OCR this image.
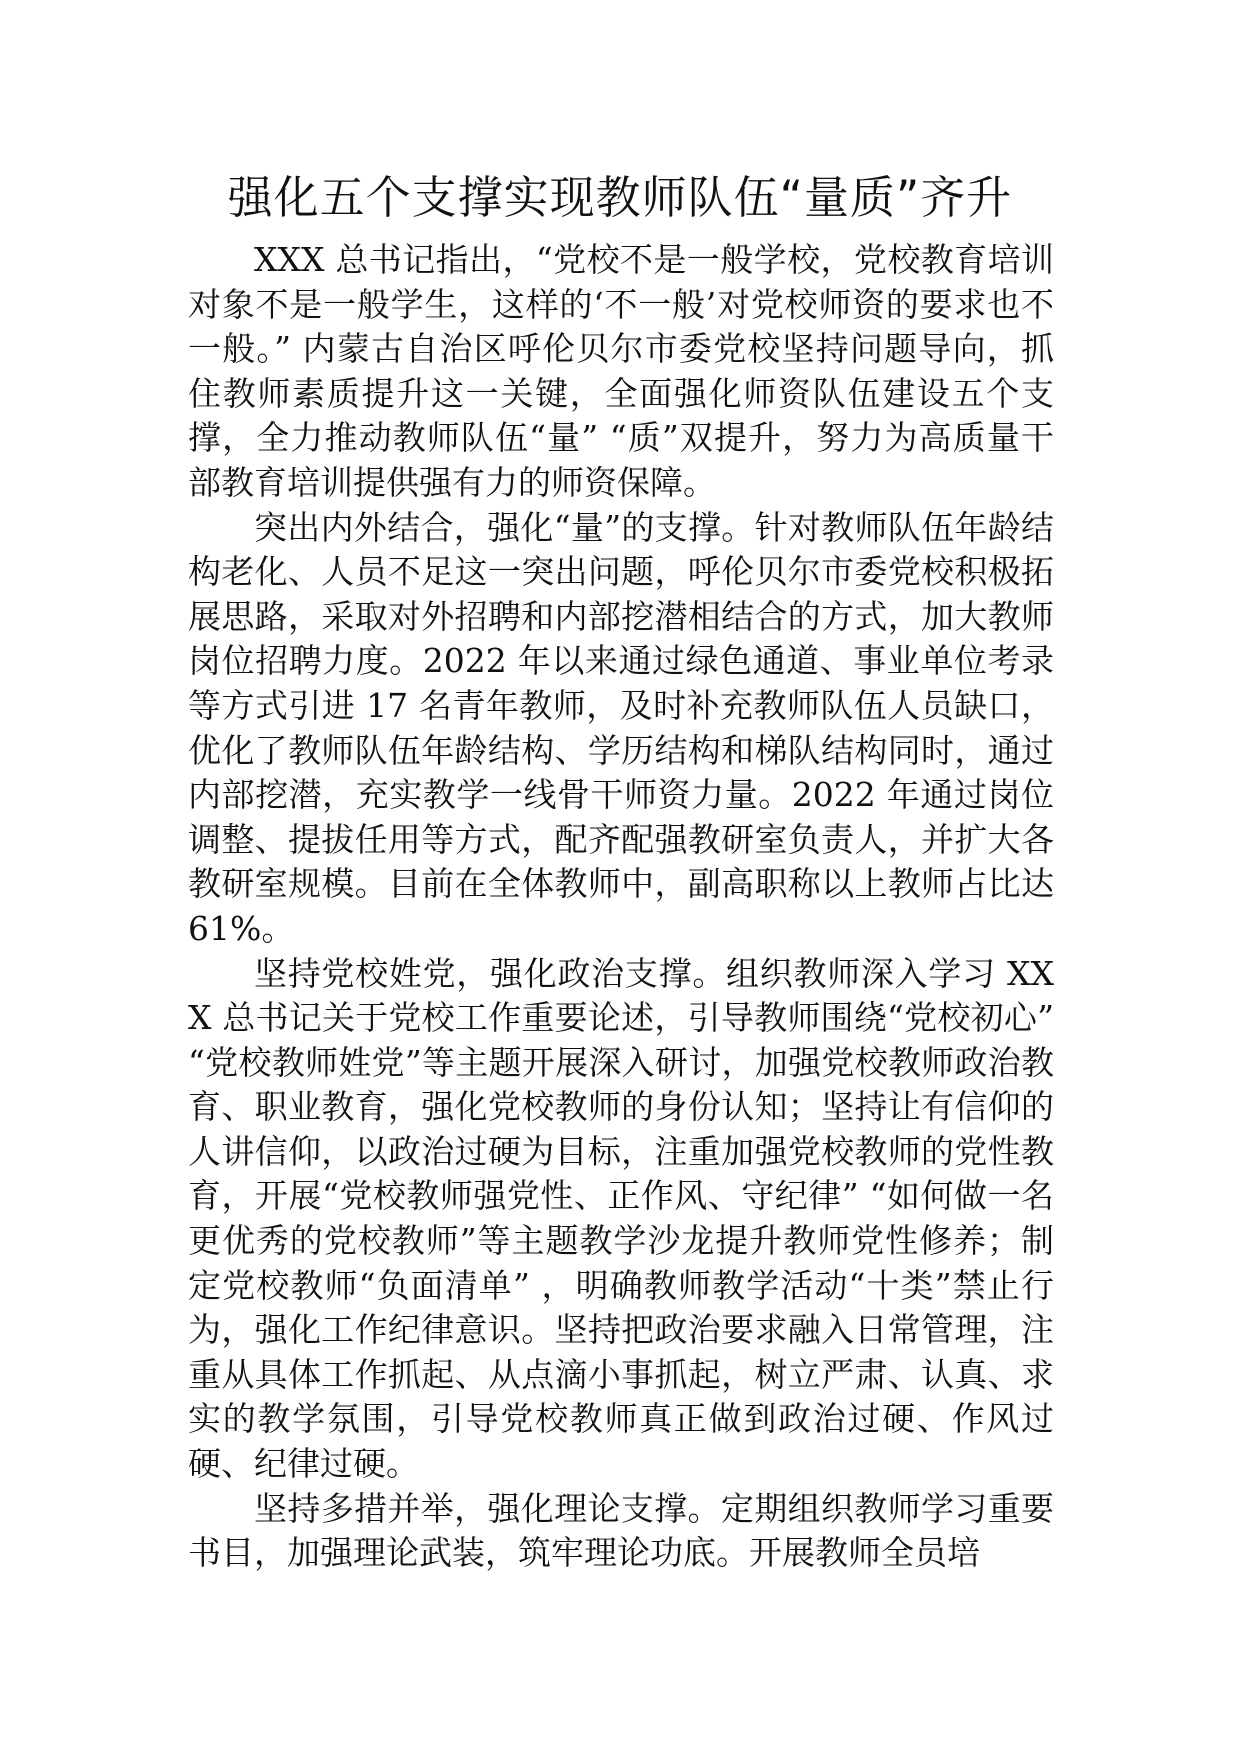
强化五个支撑实现教师队伍“量质”齐升

XXX 总书记指出，“党校不是一般学校，党校教育培训对象不是一般学生，这样的‘不一般’对党校师资的要求也不一般。” 内蒙古自治区呼伦贝尔市委党校坚持问题导向，抓住教师素质提升这一关键，全面强化师资队伍建设五个支撑，全力推动教师队伍“量” “质”双提升，努力为高质量干部教育培训提供强有力的师资保障。

突出内外结合，强化“量”的支撑。针对教师队伍年龄结构老化、人员不足这一突出问题，呼伦贝尔市委党校积极拓展思路，采取对外招聘和内部挖潜相结合的方式，加大教师岗位招聘力度。2022 年以来通过绿色通道、事业单位考录等方式引进 17 名青年教师，及时补充教师队伍人员缺口，优化了教师队伍年龄结构、学历结构和梯队结构同时，通过内部挖潜，充实教学一线骨干师资力量。2022 年通过岗位调整、提拔任用等方式，配齐配强教研室负责人，并扩大各教研室规模。目前在全体教师中，副高职称以上教师占比达 61%。

坚持党校姓党，强化政治支撑。组织教师深入学习 XXX 总书记关于党校工作重要论述，引导教师围绕“党校初心” “党校教师姓党”等主题开展深入研讨，加强党校教师政治教育、职业教育，强化党校教师的身份认知；坚持让有信仰的人讲信仰，以政治过硬为目标，注重加强党校教师的党性教育，开展“党校教师强党性、正作风、守纪律” “如何做一名更优秀的党校教师”等主题教学沙龙提升教师党性修养；制定党校教师“负面清单” ，明确教师教学活动“十类”禁止行为，强化工作纪律意识。坚持把政治要求融入日常管理，注重从具体工作抓起、从点滴小事抓起，树立严肃、认真、求实的教学氛围，引导党校教师真正做到政治过硬、作风过硬、纪律过硬。

坚持多措并举，强化理论支撑。定期组织教师学习重要书目，加强理论武装，筑牢理论功底。开展教师全员培
